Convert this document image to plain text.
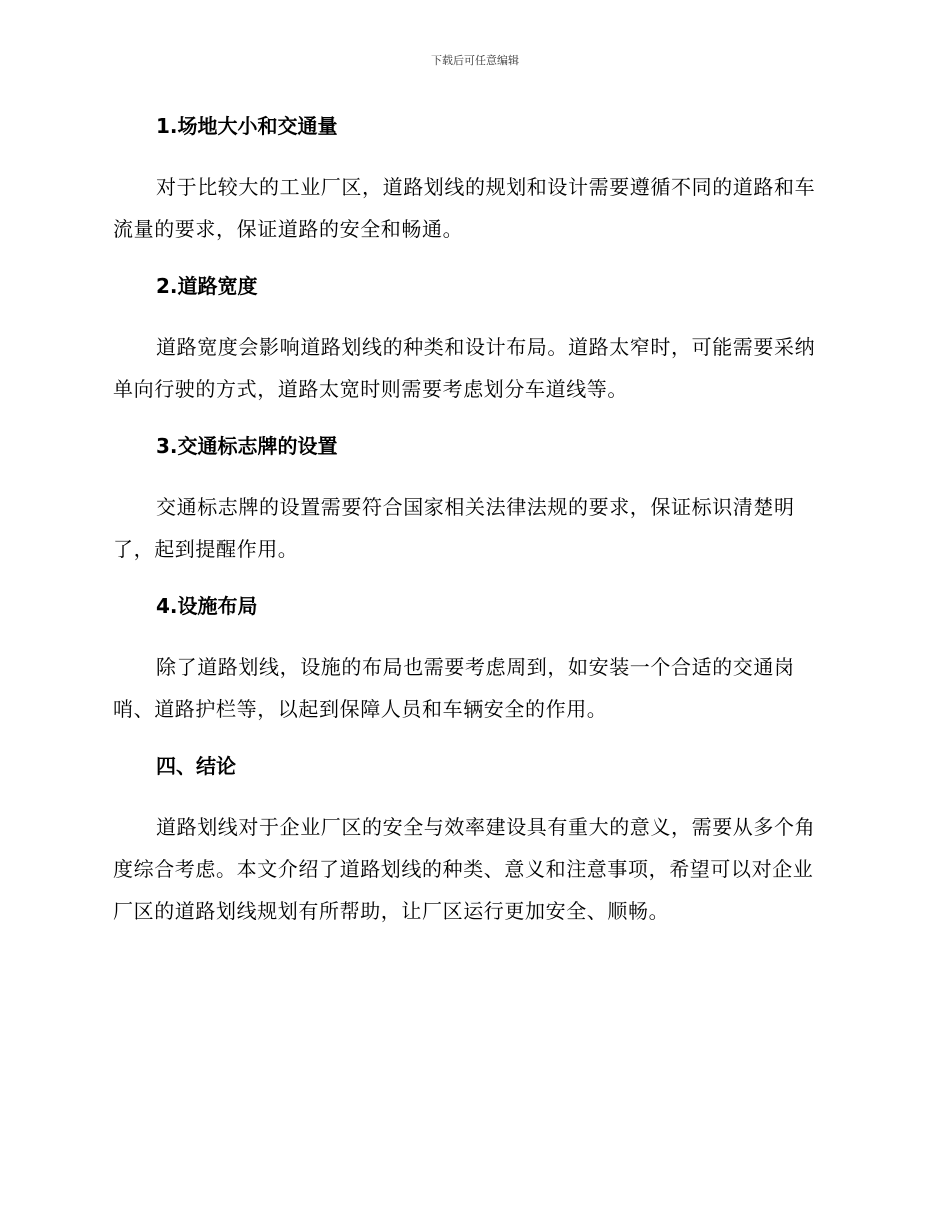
下载后可任意编辑
1.场地大小和交通量

对于比较大的工业厂区，道路划线的规划和设计需要遵循不同的道路和车流量的要求，保证道路的安全和畅通。

2.道路宽度

道路宽度会影响道路划线的种类和设计布局。道路太窄时，可能需要采纳单向行驶的方式，道路太宽时则需要考虑划分车道线等。

3.交通标志牌的设置

交通标志牌的设置需要符合国家相关法律法规的要求，保证标识清楚明了，起到提醒作用。

4.设施布局

除了道路划线，设施的布局也需要考虑周到，如安装一个合适的交通岗哨、道路护栏等，以起到保障人员和车辆安全的作用。

四、结论

道路划线对于企业厂区的安全与效率建设具有重大的意义，需要从多个角度综合考虑。本文介绍了道路划线的种类、意义和注意事项，希望可以对企业厂区的道路划线规划有所帮助，让厂区运行更加安全、顺畅。
